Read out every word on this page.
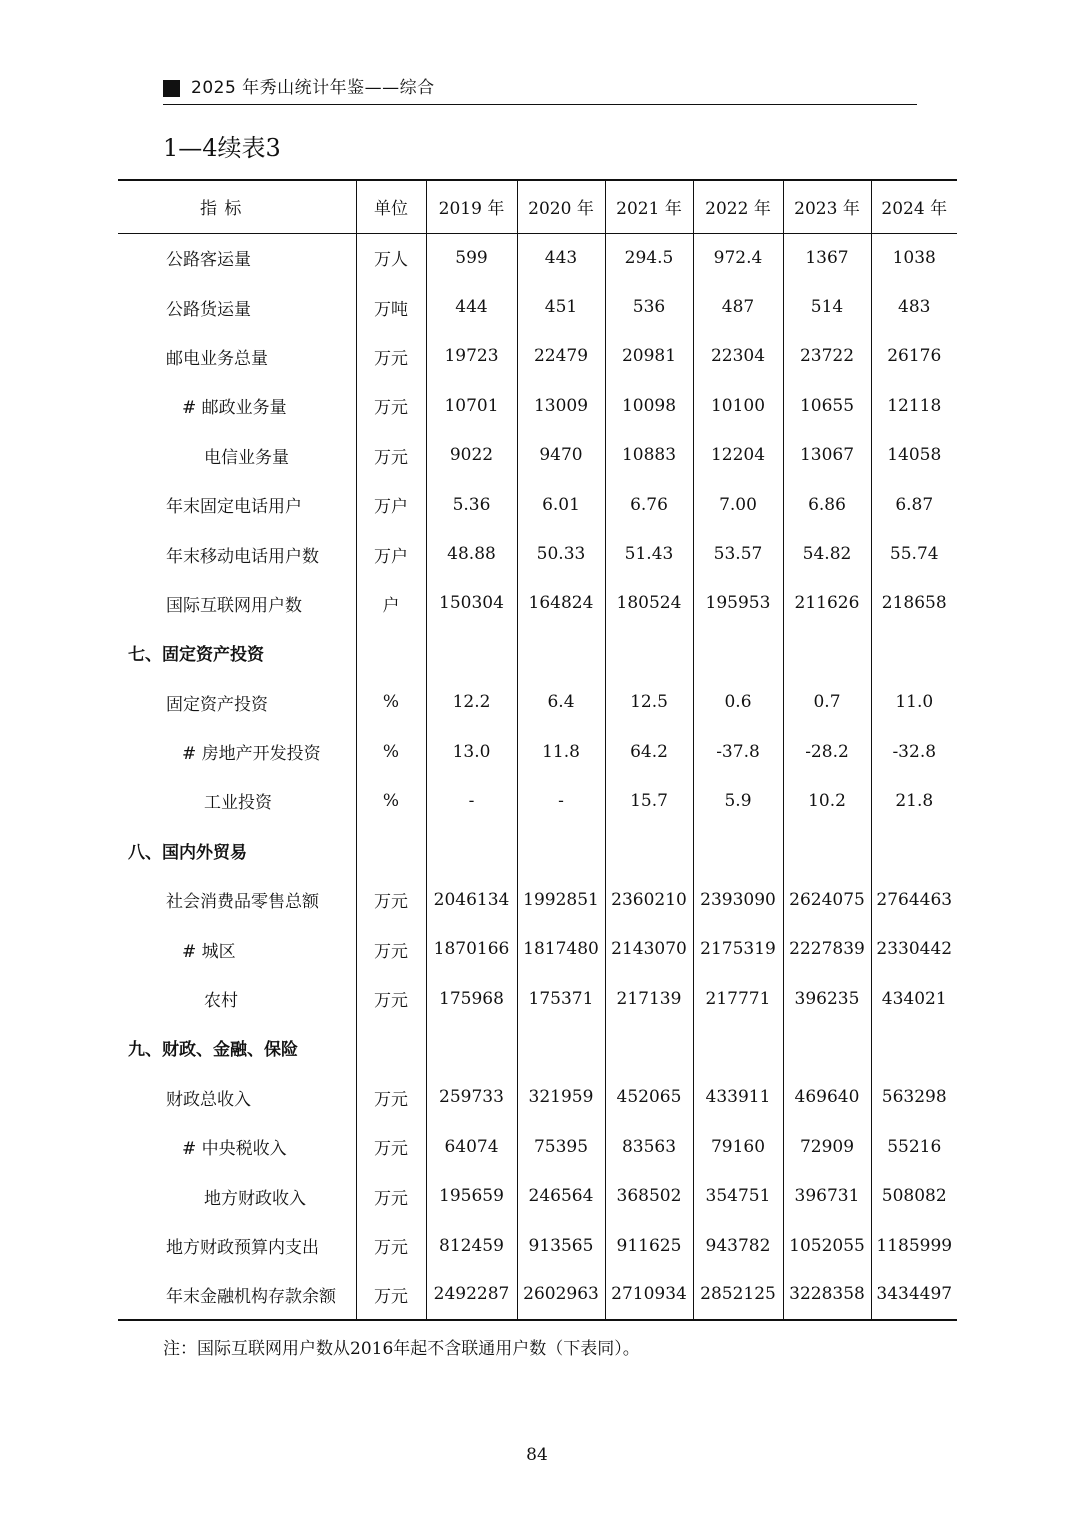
2025 年秀山统计年鉴——综合
1—4续表3
指 标	单位	2019 年	2020 年	2021 年	2022 年	2023 年	2024 年
公路客运量	万人	599	443	294.5	972.4	1367	1038
公路货运量	万吨	444	451	536	487	514	483
邮电业务总量	万元	19723	22479	20981	22304	23722	26176
# 邮政业务量	万元	10701	13009	10098	10100	10655	12118
电信业务量	万元	9022	9470	10883	12204	13067	14058
年末固定电话用户	万户	5.36	6.01	6.76	7.00	6.86	6.87
年末移动电话用户数	万户	48.88	50.33	51.43	53.57	54.82	55.74
国际互联网用户数	户	150304	164824	180524	195953	211626	218658
七、固定资产投资							
固定资产投资	%	12.2	6.4	12.5	0.6	0.7	11.0
# 房地产开发投资	%	13.0	11.8	64.2	-37.8	-28.2	-32.8
工业投资	%	-	-	15.7	5.9	10.2	21.8
八、国内外贸易							
社会消费品零售总额	万元	2046134	1992851	2360210	2393090	2624075	2764463
# 城区	万元	1870166	1817480	2143070	2175319	2227839	2330442
农村	万元	175968	175371	217139	217771	396235	434021
九、财政、金融、保险							
财政总收入	万元	259733	321959	452065	433911	469640	563298
# 中央税收入	万元	64074	75395	83563	79160	72909	55216
地方财政收入	万元	195659	246564	368502	354751	396731	508082
地方财政预算内支出	万元	812459	913565	911625	943782	1052055	1185999
年末金融机构存款余额	万元	2492287	2602963	2710934	2852125	3228358	3434497
注：国际互联网用户数从2016年起不含联通用户数（下表同）。
84
